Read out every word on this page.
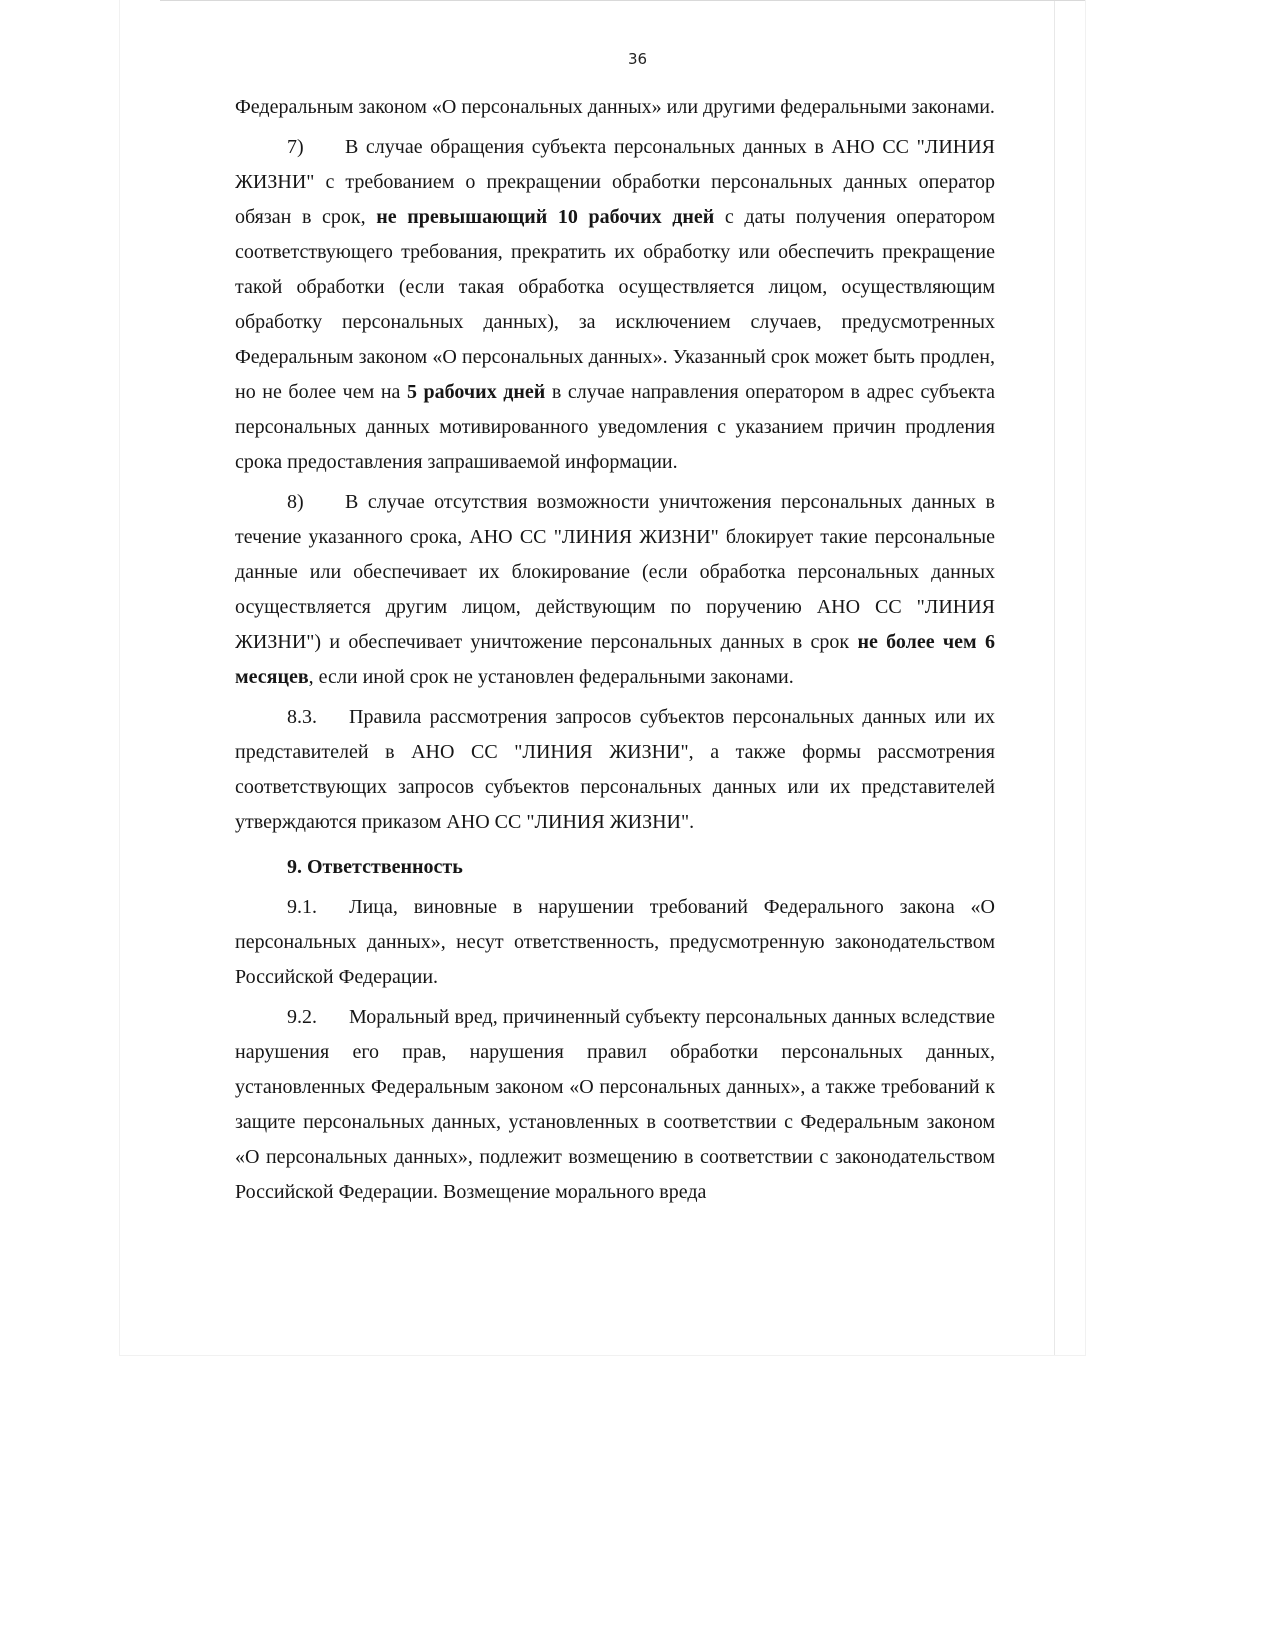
36

Федеральным законом «О персональных данных» или другими федеральными законами.

7) В случае обращения субъекта персональных данных в АНО СС "ЛИНИЯ ЖИЗНИ" с требованием о прекращении обработки персональных данных оператор обязан в срок, не превышающий 10 рабочих дней с даты получения оператором соответствующего требования, прекратить их обработку или обеспечить прекращение такой обработки (если такая обработка осуществляется лицом, осуществляющим обработку персональных данных), за исключением случаев, предусмотренных Федеральным законом «О персональных данных». Указанный срок может быть продлен, но не более чем на 5 рабочих дней в случае направления оператором в адрес субъекта персональных данных мотивированного уведомления с указанием причин продления срока предоставления запрашиваемой информации.

8) В случае отсутствия возможности уничтожения персональных данных в течение указанного срока, АНО СС "ЛИНИЯ ЖИЗНИ" блокирует такие персональные данные или обеспечивает их блокирование (если обработка персональных данных осуществляется другим лицом, действующим по поручению АНО СС "ЛИНИЯ ЖИЗНИ") и обеспечивает уничтожение персональных данных в срок не более чем 6 месяцев, если иной срок не установлен федеральными законами.

8.3. Правила рассмотрения запросов субъектов персональных данных или их представителей в АНО СС "ЛИНИЯ ЖИЗНИ", а также формы рассмотрения соответствующих запросов субъектов персональных данных или их представителей утверждаются приказом АНО СС "ЛИНИЯ ЖИЗНИ".

9. Ответственность

9.1. Лица, виновные в нарушении требований Федерального закона «О персональных данных», несут ответственность, предусмотренную законодательством Российской Федерации.

9.2. Моральный вред, причиненный субъекту персональных данных вследствие нарушения его прав, нарушения правил обработки персональных данных, установленных Федеральным законом «О персональных данных», а также требований к защите персональных данных, установленных в соответствии с Федеральным законом «О персональных данных», подлежит возмещению в соответствии с законодательством Российской Федерации. Возмещение морального вреда
